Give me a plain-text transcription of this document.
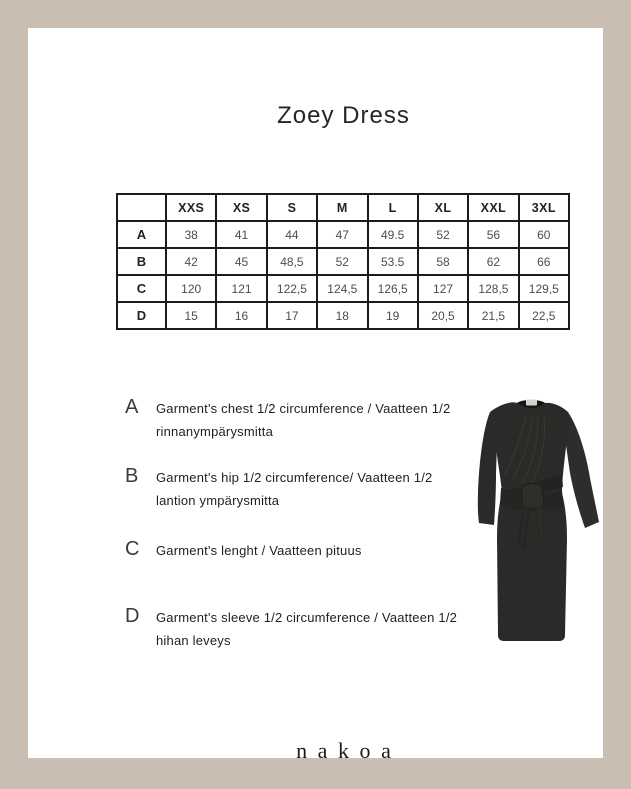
Zoey Dress
	XXS	XS	S	M	L	XL	XXL	3XL
A	38	41	44	47	49.5	52	56	60
B	42	45	48,5	52	53.5	58	62	66
C	120	121	122,5	124,5	126,5	127	128,5	129,5
D	15	16	17	18	19	20,5	21,5	22,5
A	Garment's chest 1/2 circumference / Vaatteen 1/2 rinnanympärysmitta
B	Garment's hip 1/2 circumference/ Vaatteen 1/2 lantion ympärysmitta
C	Garment's lenght / Vaatteen pituus
D	Garment's sleeve 1/2 circumference / Vaatteen 1/2 hihan leveys
nakoa
